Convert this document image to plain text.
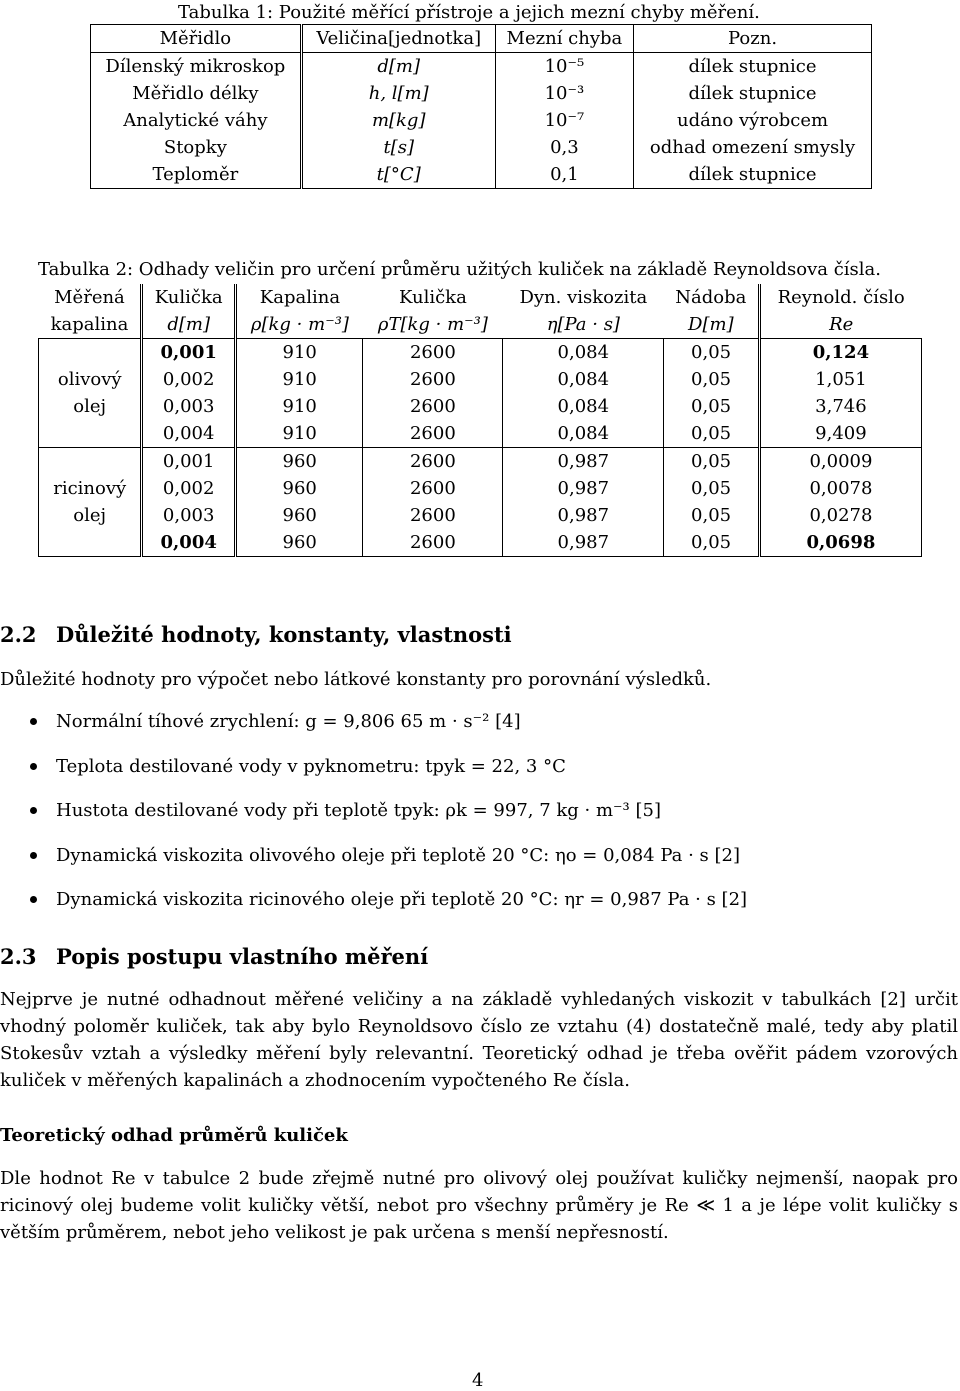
Tabulka 1: Použité měřící přístroje a jejich mezní chyby měření.
Měřidlo	Veličina[jednotka]	Mezní chyba	Pozn.
Dílenský mikroskop	d[m]	10⁻⁵	dílek stupnice
Měřidlo délky	h, l[m]	10⁻³	dílek stupnice
Analytické váhy	m[kg]	10⁻⁷	udáno výrobcem
Stopky	t[s]	0,3	odhad omezení smysly
Teploměr	t[°C]	0,1	dílek stupnice
Tabulka 2: Odhady veličin pro určení průměru užitých kuliček na základě Reynoldsova čísla.
Měřená	Kulička	Kapalina	Kulička	Dyn. viskozita	Nádoba	Reynold. číslo
kapalina	d[m]	ρ[kg · m⁻³]	ρT[kg · m⁻³]	η[Pa · s]	D[m]	Re

olivový
olej	0,001	910	2600	0,084	0,05	0,124
	0,002	910	2600	0,084	0,05	1,051
	0,003	910	2600	0,084	0,05	3,746
	0,004	910	2600	0,084	0,05	9,409

ricinový
olej	0,001	960	2600	0,987	0,05	0,0009
	0,002	960	2600	0,987	0,05	0,0078
	0,003	960	2600	0,987	0,05	0,0278
	0,004	960	2600	0,987	0,05	0,0698
2.2 Důležité hodnoty, konstanty, vlastnosti
Důležité hodnoty pro výpočet nebo látkové konstanty pro porovnání výsledků.
Normální tíhové zrychlení: g = 9,806 65 m · s⁻² [4]
Teplota destilované vody v pyknometru: tpyk = 22, 3 °C
Hustota destilované vody při teplotě tpyk: ρk = 997, 7 kg · m⁻³ [5]
Dynamická viskozita olivového oleje při teplotě 20 °C: ηo = 0,084 Pa · s [2]
Dynamická viskozita ricinového oleje při teplotě 20 °C: ηr = 0,987 Pa · s [2]
2.3 Popis postupu vlastního měření
Nejprve je nutné odhadnout měřené veličiny a na základě vyhledaných viskozit v tabulkách [2] určit vhodný poloměr kuliček, tak aby bylo Reynoldsovo číslo ze vztahu (4) dostatečně malé, tedy aby platil Stokesův vztah a výsledky měření byly relevantní. Teoretický odhad je třeba ověřit pádem vzorových kuliček v měřených kapalinách a zhodnocením vypočteného Re čísla.
Teoretický odhad průměrů kuliček
Dle hodnot Re v tabulce 2 bude zřejmě nutné pro olivový olej používat kuličky nejmenší, naopak pro ricinový olej budeme volit kuličky větší, nebot pro všechny průměry je Re ≪ 1 a je lépe volit kuličky s větším průměrem, nebot jeho velikost je pak určena s menší nepřesností.
4
